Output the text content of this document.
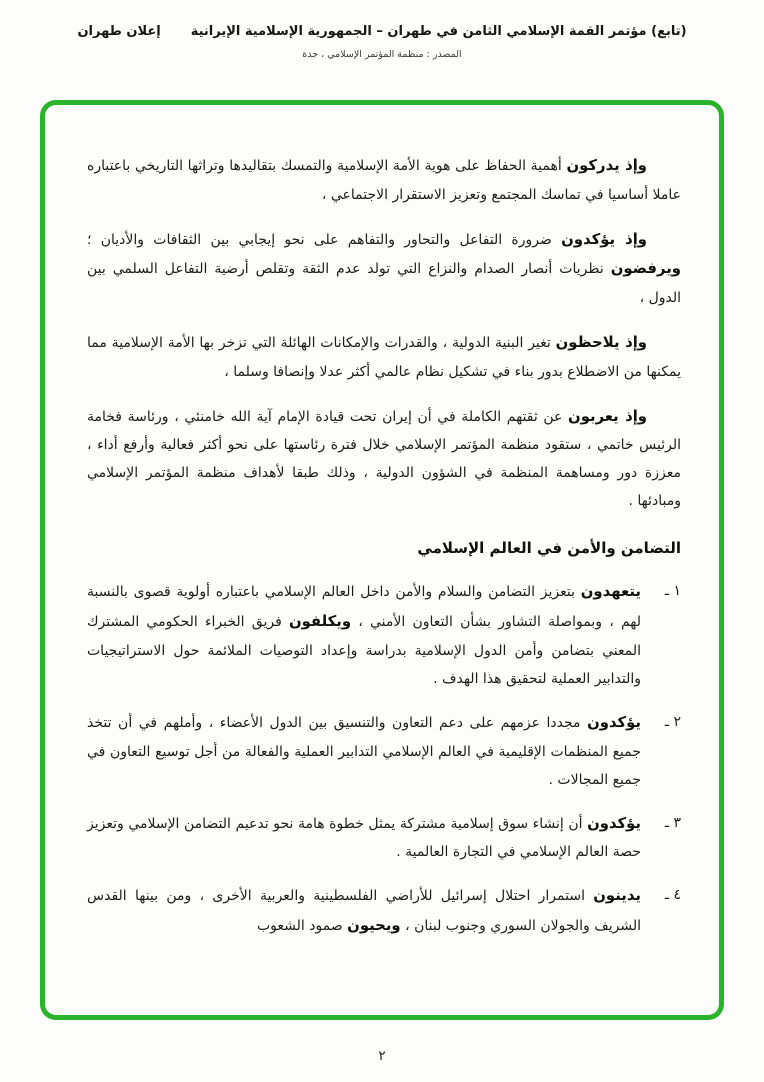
(تابع) مؤتمر القمة الإسلامي الثامن في طهران – الجمهورية الإسلامية الإيرانيةإعلان طهران
المصدر : منظمة المؤتمر الإسلامي ، جدة

وإذ يدركون أهمية الحفاظ على هوية الأمة الإسلامية والتمسك بتقاليدها وتراثها التاريخي باعتباره عاملا أساسيا في تماسك المجتمع وتعزيز الاستقرار الاجتماعي ،

وإذ يؤكدون ضرورة التفاعل والتحاور والتفاهم على نحو إيجابي بين الثقافات والأديان ؛ ويرفضون نظريات أنصار الصدام والنزاع التي تولد عدم الثقة وتقلص أرضية التفاعل السلمي بين الدول ،

وإذ يلاحظون تغير البنية الدولية ، والقدرات والإمكانات الهائلة التي تزخر بها الأمة الإسلامية مما يمكنها من الاضطلاع بدور بناء في تشكيل نظام عالمي أكثر عدلا وإنصافا وسلما ،

وإذ يعربون عن ثقتهم الكاملة في أن إيران تحت قيادة الإمام آية الله خامنئي ، ورئاسة فخامة الرئيس خاتمي ، ستقود منظمة المؤتمر الإسلامي خلال فترة رئاستها على نحو أكثر فعالية وأرفع أداء ، معززة دور ومساهمة المنظمة في الشؤون الدولية ، وذلك طبقا لأهداف منظمة المؤتمر الإسلامي ومبادئها .

التضامن والأمن في العالم الإسلامي
١ ـ
يتعهدون بتعزيز التضامن والسلام والأمن داخل العالم الإسلامي باعتباره أولوية قصوى بالنسبة لهم ، وبمواصلة التشاور بشأن التعاون الأمني ، ويكلفون فريق الخبراء الحكومي المشترك المعني بتضامن وأمن الدول الإسلامية بدراسة وإعداد التوصيات الملائمة حول الاستراتيجيات والتدابير العملية لتحقيق هذا الهدف .
٢ ـ
يؤكدون مجددا عزمهم على دعم التعاون والتنسيق بين الدول الأعضاء ، وأملهم في أن تتخذ جميع المنظمات الإقليمية في العالم الإسلامي التدابير العملية والفعالة من أجل توسيع التعاون في جميع المجالات .
٣ ـ
يؤكدون أن إنشاء سوق إسلامية مشتركة يمثل خطوة هامة نحو تدعيم التضامن الإسلامي وتعزيز حصة العالم الإسلامي في التجارة العالمية .
٤ ـ
يدينون استمرار احتلال إسرائيل للأراضي الفلسطينية والعربية الأخرى ، ومن بينها القدس الشريف والجولان السوري وجنوب لبنان ، ويحيون صمود الشعوب
٢
